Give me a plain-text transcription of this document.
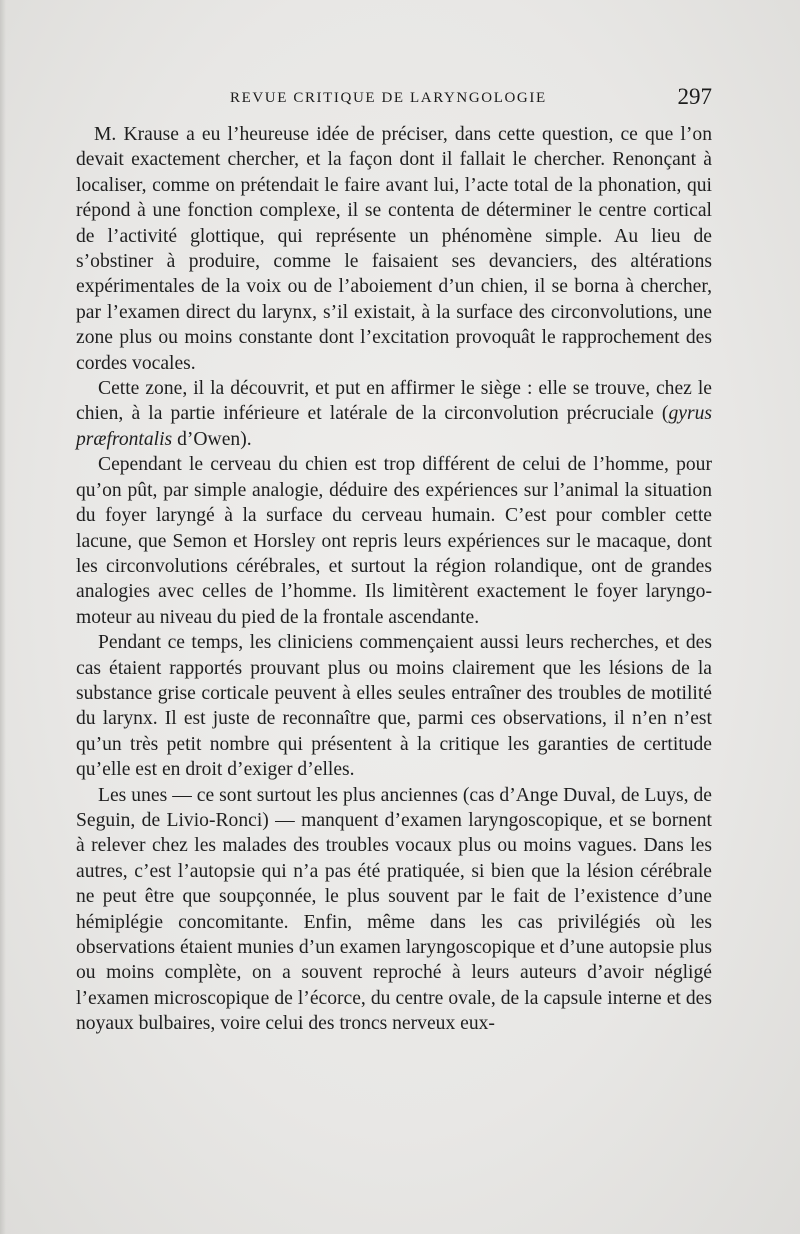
REVUE CRITIQUE DE LARYNGOLOGIE	297

M. Krause a eu l’heureuse idée de préciser, dans cette question, ce que l’on devait exactement chercher, et la façon dont il fallait le chercher. Renonçant à localiser, comme on prétendait le faire avant lui, l’acte total de la phonation, qui répond à une fonction complexe, il se contenta de déterminer le centre cortical de l’activité glottique, qui représente un phénomène simple. Au lieu de s’obstiner à produire, comme le faisaient ses devanciers, des altérations expérimentales de la voix ou de l’aboiement d’un chien, il se borna à chercher, par l’examen direct du larynx, s’il existait, à la surface des circonvolutions, une zone plus ou moins constante dont l’excitation provoquât le rapprochement des cordes vocales.

Cette zone, il la découvrit, et put en affirmer le siège : elle se trouve, chez le chien, à la partie inférieure et latérale de la circonvolution précruciale (gyrus præfrontalis d’Owen).

Cependant le cerveau du chien est trop différent de celui de l’homme, pour qu’on pût, par simple analogie, déduire des expériences sur l’animal la situation du foyer laryngé à la surface du cerveau humain. C’est pour combler cette lacune, que Semon et Horsley ont repris leurs expériences sur le macaque, dont les circonvolutions cérébrales, et surtout la région rolandique, ont de grandes analogies avec celles de l’homme. Ils limitèrent exactement le foyer laryngo-moteur au niveau du pied de la frontale ascendante.

Pendant ce temps, les cliniciens commençaient aussi leurs recherches, et des cas étaient rapportés prouvant plus ou moins clairement que les lésions de la substance grise corticale peuvent à elles seules entraîner des troubles de motilité du larynx. Il est juste de reconnaître que, parmi ces observations, il n’en n’est qu’un très petit nombre qui présentent à la critique les garanties de certitude qu’elle est en droit d’exiger d’elles.

Les unes — ce sont surtout les plus anciennes (cas d’Ange Duval, de Luys, de Seguin, de Livio-Ronci) — manquent d’examen laryngoscopique, et se bornent à relever chez les malades des troubles vocaux plus ou moins vagues. Dans les autres, c’est l’autopsie qui n’a pas été pratiquée, si bien que la lésion cérébrale ne peut être que soupçonnée, le plus souvent par le fait de l’existence d’une hémiplégie concomitante. Enfin, même dans les cas privilégiés où les observations étaient munies d’un examen laryngoscopique et d’une autopsie plus ou moins complète, on a souvent reproché à leurs auteurs d’avoir négligé l’examen microscopique de l’écorce, du centre ovale, de la capsule interne et des noyaux bulbaires, voire celui des troncs nerveux eux-
